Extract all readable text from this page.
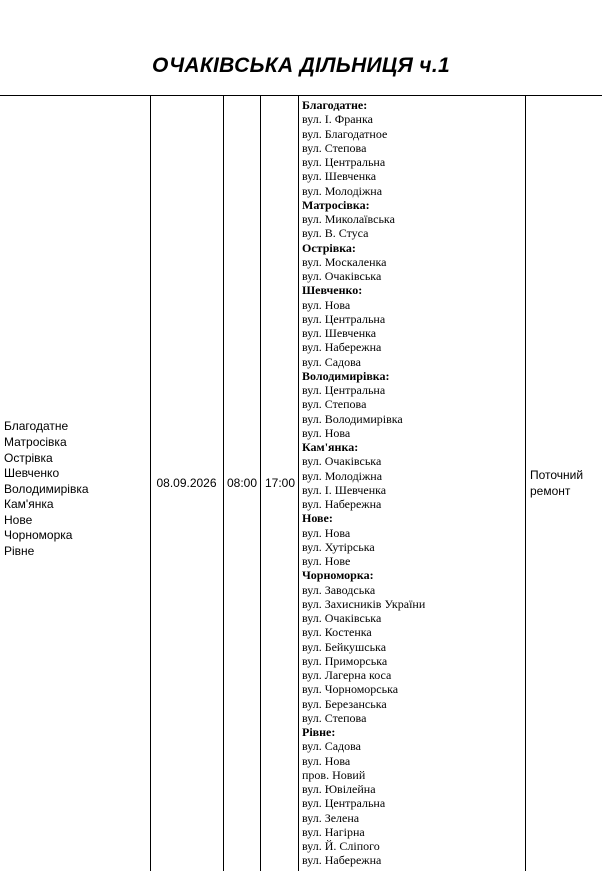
ОЧАКІВСЬКА ДІЛЬНИЦЯ ч.1
Благодатне
Матросівка
Острівка
Шевченко
Володимирівка
Кам'янка
Нове
Чорноморка
Рівне
08.09.2026 08:00 17:00
Благодатне:
вул. І. Франка
вул. Благодатное
вул. Степова
вул. Центральна
вул. Шевченка
вул. Молодіжна
Матросівка:
вул. Миколаївська
вул. В. Стуса
Острівка:
вул. Москаленка
вул. Очаківська
Шевченко:
вул. Нова
вул. Центральна
вул. Шевченка
вул. Набережна
вул. Садова
Володимирівка:
вул. Центральна
вул. Степова
вул. Володимирівка
вул. Нова
Кам'янка:
вул. Очаківська
вул. Молодіжна
вул. І. Шевченка
вул. Набережна
Нове:
вул. Нова
вул. Хутірська
вул. Нове
Чорноморка:
вул. Заводська
вул. Захисників України
вул. Очаківська
вул. Костенка
вул. Бейкушська
вул. Приморська
вул. Лагерна коса
вул. Чорноморська
вул. Березанська
вул. Степова
Рівне:
вул. Садова
вул. Нова
пров. Новий
вул. Ювілейна
вул. Центральна
вул. Зелена
вул. Нагірна
вул. Й. Сліпого
вул. Набережна
Поточний ремонт
